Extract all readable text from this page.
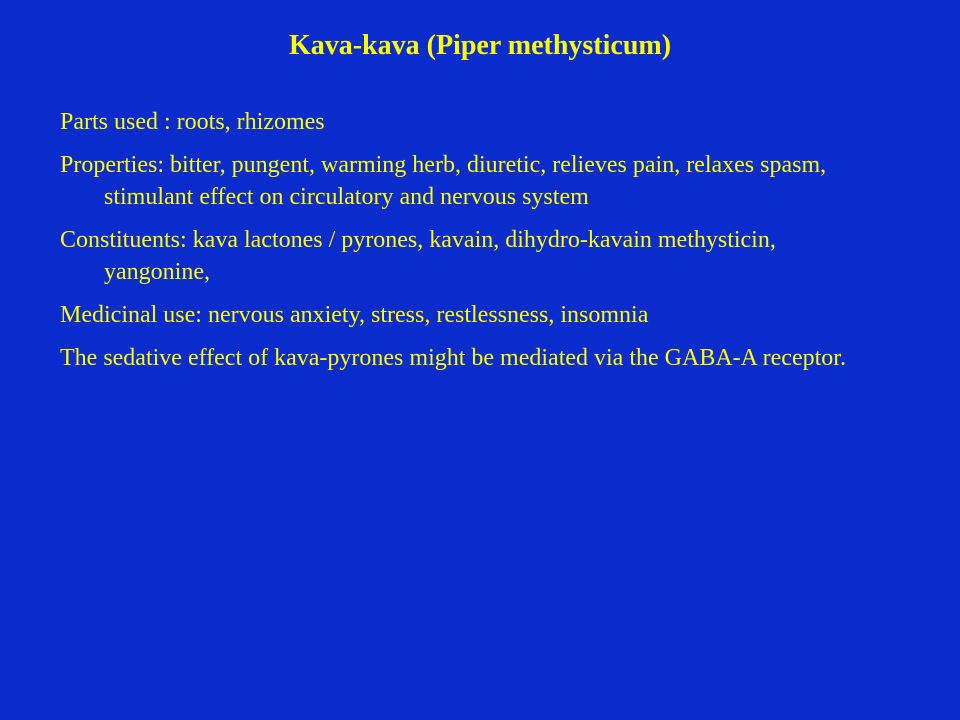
Kava-kava (Piper methysticum)

Parts used : roots, rhizomes

Properties: bitter, pungent, warming herb, diuretic, relieves pain, relaxes spasm, stimulant effect on circulatory and nervous system

Constituents: kava lactones / pyrones, kavain, dihydro-kavain methysticin, yangonine,

Medicinal use: nervous anxiety, stress, restlessness, insomnia

The sedative effect of kava-pyrones might be mediated via the GABA-A receptor.
